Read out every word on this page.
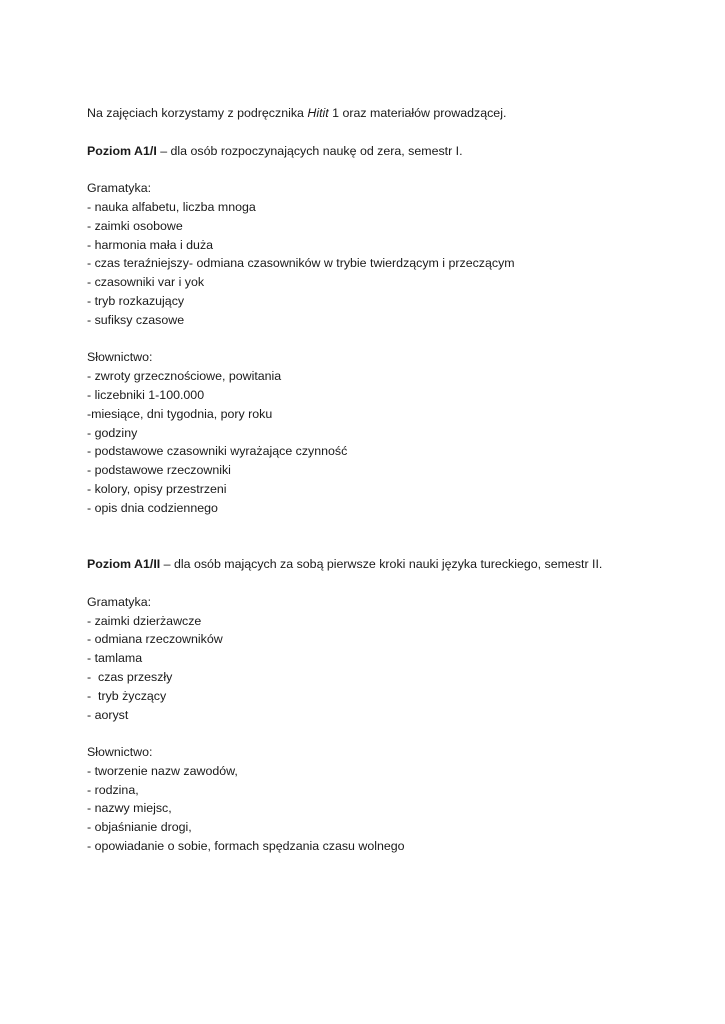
Na zajęciach korzystamy z podręcznika Hitit 1 oraz materiałów prowadzącej.
Poziom A1/I – dla osób rozpoczynających naukę od zera, semestr I.
Gramatyka:
- nauka alfabetu, liczba mnoga
- zaimki osobowe
- harmonia mała i duża
- czas teraźniejszy- odmiana czasowników w trybie twierdzącym i przeczącym
- czasowniki var i yok
- tryb rozkazujący
- sufiksy czasowe
Słownictwo:
- zwroty grzecznościowe, powitania
- liczebniki 1-100.000
-miesiące, dni tygodnia, pory roku
- godziny
- podstawowe czasowniki wyrażające czynność
- podstawowe rzeczowniki
- kolory, opisy przestrzeni
- opis dnia codziennego
Poziom A1/II – dla osób mających za sobą pierwsze kroki nauki języka tureckiego, semestr II.
Gramatyka:
- zaimki dzierżawcze
- odmiana rzeczowników
- tamlama
-  czas przeszły
-  tryb życzący
- aoryst
Słownictwo:
- tworzenie nazw zawodów,
- rodzina,
- nazwy miejsc,
- objaśnianie drogi,
- opowiadanie o sobie, formach spędzania czasu wolnego
